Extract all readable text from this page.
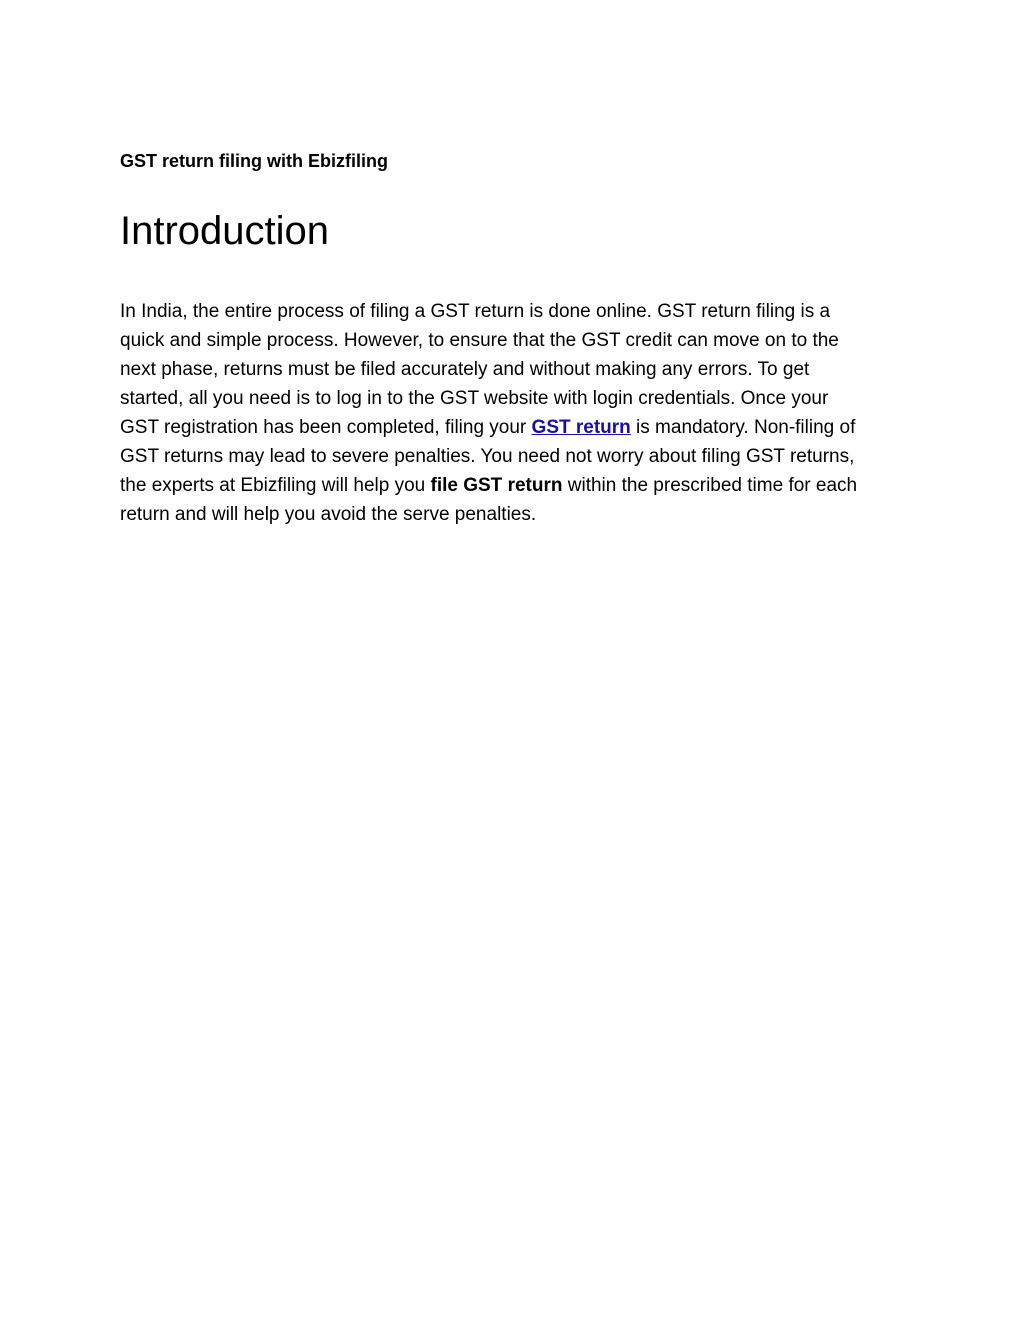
GST return filing with Ebizfiling

Introduction

In India, the entire process of filing a GST return is done online. GST return filing is a
quick and simple process. However, to ensure that the GST credit can move on to the
next phase, returns must be filed accurately and without making any errors. To get
started, all you need is to log in to the GST website with login credentials. Once your
GST registration has been completed, filing your GST return is mandatory. Non-filing of
GST returns may lead to severe penalties. You need not worry about filing GST returns,
the experts at Ebizfiling will help you file GST return within the prescribed time for each
return and will help you avoid the serve penalties.
